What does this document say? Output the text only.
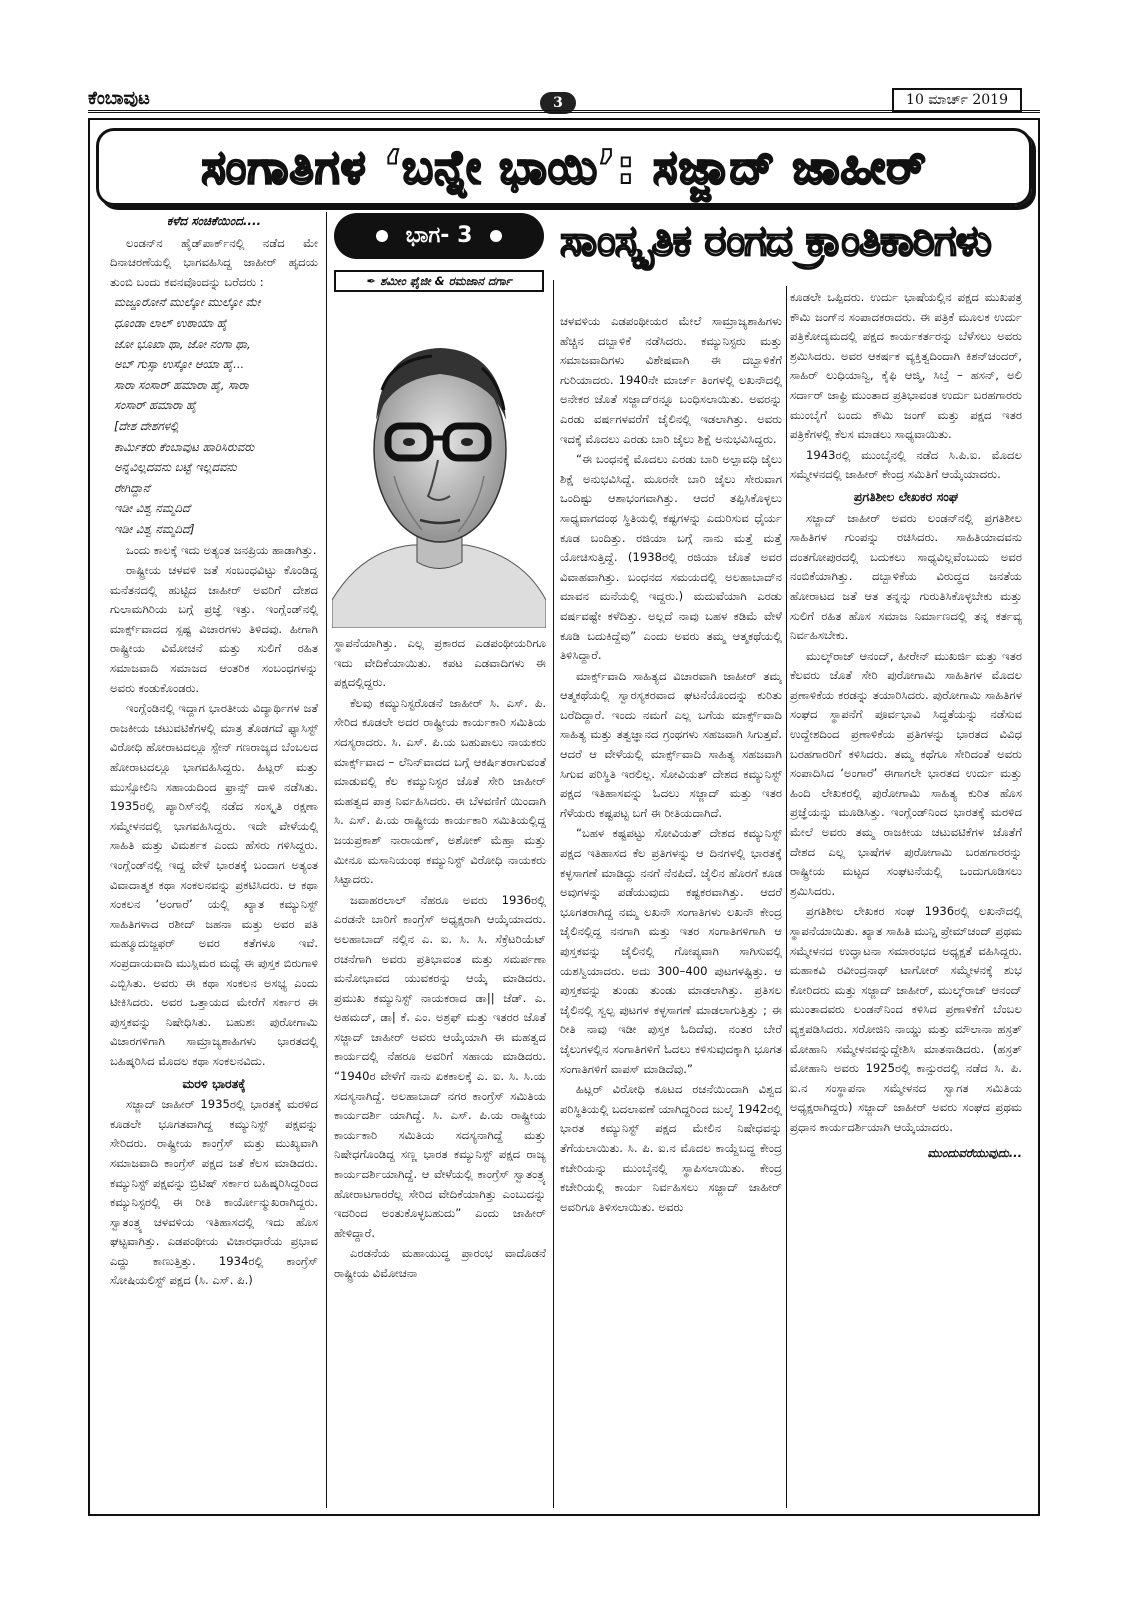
ಕೆಂಬಾವುಟ	3	10 ಮಾರ್ಚ್ 2019
ಸಂಗಾತಿಗಳ ‘ಬನ್ನೇ ಭಾಯಿ’: ಸಜ್ಜಾದ್ ಜಾಹೀರ್
ಕಳೆದ ಸಂಚಿಕೆಯಿಂದ....

ಲಂಡನ್‌ನ ಹೈಡ್‌ಪಾರ್ಕ್‌ನಲ್ಲಿ ನಡೆದ ಮೇ ದಿನಾಚರಣೆಯಲ್ಲಿ ಭಾಗವಹಿಸಿದ್ದ ಜಾಹೀರ್ ಹೃದಯ ತುಂಬಿ ಬಂದು ಕವನವೊಂದನ್ನು ಬರೆದರು :

ಮಜ್ದೂರೋನೆ ಮುಲ್ಕೋ ಮುಲ್ಕೋ ಮೇ

ಧೂಂಡಾ ಲಾಲ್ ಉಠಾಯಾ ಹೈ

ಜೋ ಭೂಖಾ ಥಾ, ಜೋ ನಂಗಾ ಥಾ,

ಅಬ್ ಗುಸ್ಸಾ ಉಸ್ಕೋ ಆಯಾ ಹೈ...

ಸಾರಾ ಸಂಸಾರ್ ಹಮಾರಾ ಹೈ, ಸಾರಾ

ಸಂಸಾರ್ ಹಮಾರಾ ಹೈ

[ದೇಶ ದೇಶಗಳಲ್ಲಿ

ಕಾರ್ಮಿಕರು ಕೆಂಬಾವುಟ ಹಾರಿಸಿರುವರು

ಅನ್ನವಿಲ್ಲದವನು ಬಟ್ಟೆ ಇಲ್ಲದವನು

ರೇಗಿದ್ದಾನೆ

ಇಡೀ ವಿಶ್ವ ನಮ್ಮದಿದೆ

ಇಡೀ ವಿಶ್ವ ನಮ್ಮದಿದೆ]

ಒಂದು ಕಾಲಕ್ಕೆ ಇದು ಅತ್ಯಂತ ಜನಪ್ರಿಯ ಹಾಡಾಗಿತ್ತು.

ರಾಷ್ಟ್ರೀಯ ಚಳವಳಿ ಜತೆ ಸಂಬಂಧವಿಟ್ಟು ಕೊಂಡಿದ್ದ ಮನೆತನದಲ್ಲಿ ಹುಟ್ಟಿದ ಜಾಹೀರ್ ಅವರಿಗೆ ದೇಶದ ಗುಲಾಮಗಿರಿಯ ಬಗ್ಗೆ ಪ್ರಜ್ಞೆ ಇತ್ತು. ಇಂಗ್ಲೆಂಡ್‌ನಲ್ಲಿ ಮಾರ್ಕ್ಸ್‌ವಾದದ ಸ್ಪಷ್ಟ ವಿಚಾರಗಳು ತಿಳಿದವು. ಹೀಗಾಗಿ ರಾಷ್ಟ್ರೀಯ ವಿಮೋಚನೆ ಮತ್ತು ಸುಲಿಗೆ ರಹಿತ ಸಮಾಜವಾದಿ ಸಮಾಜದ ಆಂತರಿಕ ಸಂಬಂಧಗಳನ್ನು ಅವರು ಕಂಡುಕೊಂಡರು.

ಇಂಗ್ಲೆಂಡಿನಲ್ಲಿ ಇದ್ದಾಗ ಭಾರತೀಯ ವಿದ್ಯಾರ್ಥಿಗಳ ಜತೆ ರಾಜಕೀಯ ಚಟುವಟಿಕೆಗಳಲ್ಲಿ ಮಾತ್ರ ತೊಡಗದೆ ಫ್ಯಾಸಿಸ್ಟ್ ವಿರೋಧಿ ಹೋರಾಟದಲ್ಲೂ ಸ್ಪೇನ್ ಗಣರಾಜ್ಯದ ಬೆಂಬಲದ ಹೋರಾಟದಲ್ಲೂ ಭಾಗವಹಿಸಿದ್ದರು. ಹಿಟ್ಲರ್ ಮತ್ತು ಮುಸ್ಸೋಲಿನಿ ಸಹಾಯದಿಂದ ಫ್ರಾನ್ಸ್ ದಾಳಿ ನಡೆಸಿತು. 1935ರಲ್ಲಿ ಪ್ಯಾರಿಸ್‌ನಲ್ಲಿ ನಡೆದ ಸಂಸ್ಕೃತಿ ರಕ್ಷಣಾ ಸಮ್ಮೇಳನದಲ್ಲಿ ಭಾಗವಹಿಸಿದ್ದರು. ಇದೇ ವೇಳೆಯಲ್ಲಿ ಸಾಹಿತಿ ಮತ್ತು ವಿಮರ್ಶಕ ಎಂದು ಹೆಸರು ಗಳಿಸಿದ್ದರು. ಇಂಗ್ಲೆಂಡ್‌ನಲ್ಲಿ ಇದ್ದ ವೇಳೆ ಭಾರತಕ್ಕೆ ಬಂದಾಗ ಅತ್ಯಂತ ವಿವಾದಾತ್ಮಕ ಕಥಾ ಸಂಕಲನವನ್ನು ಪ್ರಕಟಿಸಿದರು. ಆ ಕಥಾ ಸಂಕಲನ ‘ಅಂಗಾರೆ’ ಯಲ್ಲಿ ಖ್ಯಾತ ಕಮ್ಯುನಿಸ್ಟ್ ಸಾಹಿತಿಗಳಾದ ರಶೀದ್ ಜಹನಾ ಮತ್ತು ಅವರ ಪತಿ ಮಹ್ಮೂದುಜ್ಜಫರ್ ಅವರ ಕತೆಗಳೂ ಇವೆ. ಸಂಪ್ರದಾಯವಾದಿ ಮುಸ್ಲಿಮರ ಮಧ್ಯೆ ಈ ಪುಸ್ತಕ ಬಿರುಗಾಳಿ ಎಬ್ಬಿಸಿತು. ಅವರು ಈ ಕಥಾ ಸಂಕಲನ ಅಸಭ್ಯ ಎಂದು ಟೀಕಿಸಿದರು. ಅವರ ಒತ್ತಾಯದ ಮೇರೆಗೆ ಸರ್ಕಾರ ಈ ಪುಸ್ತಕವನ್ನು ನಿಷೇಧಿಸಿತು. ಬಹುಶಃ ಪುರೋಗಾಮಿ ವಿಚಾರಗಳಿಗಾಗಿ ಸಾಮ್ರಾಜ್ಯಶಾಹಿಗಳು ಭಾರತದಲ್ಲಿ ಬಹಿಷ್ಕರಿಸಿದ ಮೊದಲ ಕಥಾ ಸಂಕಲನವಿದು.

ಮರಳಿ ಭಾರತಕ್ಕೆ

ಸಜ್ಜಾದ್ ಜಾಹೀರ್ 1935ರಲ್ಲಿ ಭಾರತಕ್ಕೆ ಮರಳಿದ ಕೂಡಲೇ ಭೂಗತವಾಗಿದ್ದ ಕಮ್ಯುನಿಸ್ಟ್ ಪಕ್ಷವನ್ನು ಸೇರಿದರು. ರಾಷ್ಟ್ರೀಯ ಕಾಂಗ್ರೆಸ್ ಮತ್ತು ಮುಖ್ಯವಾಗಿ ಸಮಾಜವಾದಿ ಕಾಂಗ್ರೆಸ್ ಪಕ್ಷದ ಜತೆ ಕೆಲಸ ಮಾಡಿದರು. ಕಮ್ಯುನಿಸ್ಟ್ ಪಕ್ಷವನ್ನು ಬ್ರಿಟಿಷ್ ಸರ್ಕಾರ ಬಹಿಷ್ಕರಿಸಿದ್ದರಿಂದ ಕಮ್ಯುನಿಸ್ಟರಲ್ಲಿ ಈ ರೀತಿ ಕಾರ್ಯೋನ್ಮುಖರಾಗಿದ್ದರು. ಸ್ವಾತಂತ್ರ್ಯ ಚಳವಳಿಯ ಇತಿಹಾಸದಲ್ಲಿ ಇದು ಹೊಸ ಘಟ್ಟವಾಗಿತ್ತು. ಎಡಪಂಥೀಯ ವಿಚಾರಧಾರೆಯ ಪ್ರಭಾವ ಎದ್ದು ಕಾಣುತ್ತಿತ್ತು. 1934ರಲ್ಲಿ ಕಾಂಗ್ರೆಸ್ ಸೋಷಿಯಲಿಸ್ಟ್ ಪಕ್ಷದ (ಸಿ. ಎಸ್. ಪಿ.)

ಭಾಗ- 3
✒ ಶಮೀಂ ಫೈಜೀ & ರಮಜಾನ ದರ್ಗಾ
ಸಾಂಸ್ಕೃತಿಕ ರಂಗದ ಕ್ರಾಂತಿಕಾರಿಗಳು

ಸ್ಥಾಪನೆಯಾಗಿತ್ತು. ಎಲ್ಲ ಪ್ರಕಾರದ ಎಡಪಂಥೀಯರಿಗೂ ಇದು ವೇದಿಕೆಯಾಯಿತು. ಕಪಟ ಎಡವಾದಿಗಳು ಈ ಪಕ್ಷದಲ್ಲಿದ್ದರು.

ಕೆಲವು ಕಮ್ಯುನಿಸ್ಟರೊಡನೆ ಜಾಹೀರ್ ಸಿ. ಎಸ್. ಪಿ. ಸೇರಿದ ಕೂಡಲೇ ಅದರ ರಾಷ್ಟ್ರೀಯ ಕಾರ್ಯಕಾರಿ ಸಮಿತಿಯ ಸದಸ್ಯರಾದರು. ಸಿ. ಎಸ್. ಪಿ.ಯ ಬಹುಪಾಲು ನಾಯಕರು ಮಾರ್ಕ್ಸ್‌ವಾದ – ಲೆನಿನ್‌ವಾದದ ಬಗ್ಗೆ ಆಕರ್ಷಿತರಾಗುವಂತೆ ಮಾಡುವಲ್ಲಿ ಕೆಲ ಕಮ್ಯುನಿಸ್ಟರ ಜೊತೆ ಸೇರಿ ಜಾಹೀರ್ ಮಹತ್ವದ ಪಾತ್ರ ನಿರ್ವಹಿಸಿದರು. ಈ ಬೆಳವಣಿಗೆ ಯಿಂದಾಗಿ ಸಿ. ಎಸ್. ಪಿ.ಯ ರಾಷ್ಟ್ರೀಯ ಕಾರ್ಯಕಾರಿ ಸಮಿತಿಯಲ್ಲಿದ್ದ ಜಯಪ್ರಕಾಶ್ ನಾರಾಯಣ್, ಅಶೋಕ್ ಮೆಹ್ತಾ ಮತ್ತು ಮೀನೂ ಮಸಾನಿಯಂಥ ಕಮ್ಯುನಿಸ್ಟ್ ವಿರೋಧಿ ನಾಯಕರು ಸಿಟ್ಟಾದರು.

ಜವಾಹರಲಾಲ್ ನೆಹರೂ ಅವರು 1936ರಲ್ಲಿ ಎರಡನೇ ಬಾರಿಗೆ ಕಾಂಗ್ರೆಸ್ ಅಧ್ಯಕ್ಷರಾಗಿ ಆಯ್ಕೆಯಾದರು. ಅಲಹಾಬಾದ್ ನಲ್ಲಿನ ಎ. ಐ. ಸಿ. ಸಿ. ಸೆಕ್ರೆಟರಿಯೆಟ್ ರಚನೆಗಾಗಿ ಅವರು ಪ್ರತಿಭಾವಂತ ಮತ್ತು ಸಮರ್ಪಣಾ ಮನೋಭಾವದ ಯುವಕರನ್ನು ಆಯ್ಕೆ ಮಾಡಿದರು. ಪ್ರಮುಖ ಕಮ್ಯುನಿಸ್ಟ್ ನಾಯಕರಾದ ಡಾ|| ಜೆಡ್. ಎ. ಅಹಮದ್, ಡಾ| ಕೆ. ಎಂ. ಅಶ್ರಫ್ ಮತ್ತು ಇತರರ ಜೊತೆ ಸಜ್ಜಾದ್ ಜಾಹೀರ್ ಅವರು ಆಯ್ಕೆಯಾಗಿ ಈ ಮಹತ್ವದ ಕಾರ್ಯದಲ್ಲಿ ನೆಹರೂ ಅವರಿಗೆ ಸಹಾಯ ಮಾಡಿದರು. “1940ರ ವೇಳೆಗೆ ನಾನು ಏಕಕಾಲಕ್ಕೆ ಎ. ಐ. ಸಿ. ಸಿ.ಯ ಸದಸ್ಯನಾಗಿದ್ದೆ. ಅಲಹಾಬಾದ್ ನಗರ ಕಾಂಗ್ರೆಸ್ ಸಮಿತಿಯ ಕಾರ್ಯದರ್ಶಿ ಯಾಗಿದ್ದೆ. ಸಿ. ಎಸ್. ಪಿ.ಯ ರಾಷ್ಟ್ರೀಯ ಕಾರ್ಯಕಾರಿ ಸಮಿತಿಯ ಸದಸ್ಯನಾಗಿದ್ದೆ ಮತ್ತು ನಿಷೇಧಗೊಂಡಿದ್ದ ಸಣ್ಣ ಭಾರತ ಕಮ್ಯುನಿಸ್ಟ್ ಪಕ್ಷದ ರಾಜ್ಯ ಕಾರ್ಯದರ್ಶಿಯಾಗಿದ್ದೆ. ಆ ವೇಳೆಯಲ್ಲಿ ಕಾಂಗ್ರೆಸ್ ಸ್ವಾತಂತ್ರ್ಯ ಹೋರಾಟಗಾರರೆಲ್ಲ ಸೇರಿದ ವೇದಿಕೆಯಾಗಿತ್ತು ಎಂಬುದನ್ನು ಇದರಿಂದ ಅಂತುಕೊಳ್ಳಬಹುದು” ಎಂದು ಜಾಹೀರ್ ಹೇಳಿದ್ದಾರೆ.

ಎರಡನೆಯ ಮಹಾಯುದ್ಧ ಪ್ರಾರಂಭ ವಾದೊಡನೆ ರಾಷ್ಟ್ರೀಯ ವಿಮೋಚನಾ

ಚಳವಳಿಯ ಎಡಪಂಥೀಯರ ಮೇಲೆ ಸಾಮ್ರಾಜ್ಯಶಾಹಿಗಳು ಹೆಚ್ಚಿನ ದಬ್ಬಾಳಿಕೆ ನಡೆಸಿದರು. ಕಮ್ಯುನಿಸ್ಟರು ಮತ್ತು ಸಮಾಜವಾದಿಗಳು ವಿಶೇಷವಾಗಿ ಈ ದಬ್ಬಾಳಿಕೆಗೆ ಗುರಿಯಾದರು. 1940ನೇ ಮಾರ್ಚ್ ತಿಂಗಳಲ್ಲಿ ಲಖನೌದಲ್ಲಿ ಅನೇಕರ ಜೊತೆ ಸಜ್ಜಾದ್‌ರನ್ನೂ ಬಂಧಿಸಲಾಯಿತು. ಅವರನ್ನು ಎರಡು ವರ್ಷಗಳವರೆಗೆ ಜೈಲಿನಲ್ಲಿ ಇಡಲಾಗಿತ್ತು. ಅವರು ಇದಕ್ಕೆ ಮೊದಲು ಎರಡು ಬಾರಿ ಜೈಲು ಶಿಕ್ಷೆ ಅನುಭವಿಸಿದ್ದರು.

“ಈ ಬಂಧನಕ್ಕೆ ಮೊದಲು ಎರಡು ಬಾರಿ ಅಲ್ಪಾವಧಿ ಜೈಲು ಶಿಕ್ಷೆ ಅನುಭವಿಸಿದ್ದೆ. ಮೂರನೇ ಬಾರಿ ಜೈಲು ಸೇರುವಾಗ ಒಂದಿಷ್ಟು ಆಶಾಭಂಗವಾಗಿತ್ತು. ಆದರೆ ತಪ್ಪಿಸಿಕೊಳ್ಳಲು ಸಾಧ್ಯವಾಗದಂಥ ಸ್ಥಿತಿಯಲ್ಲಿ ಕಷ್ಟಗಳನ್ನು ಎದುರಿಸುವ ಧೈರ್ಯ ಕೂಡ ಬಂದಿತ್ತು. ರಜಿಯಾ ಬಗ್ಗೆ ನಾನು ಮತ್ತೆ ಮತ್ತೆ ಯೋಚಿಸುತ್ತಿದ್ದೆ. (1938ರಲ್ಲಿ ರಜಿಯಾ ಜೊತೆ ಅವರ ವಿವಾಹವಾಗಿತ್ತು. ಬಂಧನದ ಸಮಯದಲ್ಲಿ ಅಲಹಾಬಾದ್‌ನ ಮಾವನ ಮನೆಯಲ್ಲಿ ಇದ್ದರು.) ಮದುವೆಯಾಗಿ ಎರಡು ವರ್ಷವಷ್ಟೇ ಕಳೆದಿತ್ತು. ಅಲ್ಲದೆ ನಾವು ಬಹಳ ಕಡಿಮೆ ವೇಳೆ ಕೂಡಿ ಬದುಕಿದ್ದೆವು” ಎಂದು ಅವರು ತಮ್ಮ ಆತ್ಮಕಥೆಯಲ್ಲಿ ತಿಳಿಸಿದ್ದಾರೆ.

ಮಾರ್ಕ್ಸ್‌ವಾದಿ ಸಾಹಿತ್ಯದ ವಿಚಾರವಾಗಿ ಜಾಹೀರ್ ತಮ್ಮ ಆತ್ಮಕಥೆಯಲ್ಲಿ ಸ್ವಾರಸ್ಯಕರವಾದ ಘಟನೆಯೊಂದನ್ನು ಕುರಿತು ಬರೆದಿದ್ದಾರೆ. ಇಂದು ನಮಗೆ ಎಲ್ಲ ಬಗೆಯ ಮಾರ್ಕ್ಸ್‌ವಾದಿ ಸಾಹಿತ್ಯ ಮತ್ತು ತತ್ವಜ್ಞಾನದ ಗ್ರಂಥಗಳು ಸಹಜವಾಗಿ ಸಿಗುತ್ತವೆ. ಆದರೆ ಆ ವೇಳೆಯಲ್ಲಿ ಮಾರ್ಕ್ಸ್‌ವಾದಿ ಸಾಹಿತ್ಯ ಸಹಜವಾಗಿ ಸಿಗುವ ಪರಿಸ್ಥಿತಿ ಇರಲಿಲ್ಲ. ಸೋವಿಯತ್ ದೇಶದ ಕಮ್ಯುನಿಸ್ಟ್ ಪಕ್ಷದ ಇತಿಹಾಸವನ್ನು ಓದಲು ಸಜ್ಜಾದ್ ಮತ್ತು ಇತರ ಗೆಳೆಯರು ಕಷ್ಟಪಟ್ಟ ಬಗೆ ಈ ರೀತಿಯದಾಗಿದೆ.

“ಬಹಳ ಕಷ್ಟಪಟ್ಟು ಸೋವಿಯತ್ ದೇಶದ ಕಮ್ಯುನಿಸ್ಟ್ ಪಕ್ಷದ ಇತಿಹಾಸದ ಕೆಲ ಪ್ರತಿಗಳನ್ನು ಆ ದಿನಗಳಲ್ಲಿ ಭಾರತಕ್ಕೆ ಕಳ್ಳಸಾಗಣೆ ಮಾಡಿದ್ದು ನನಗೆ ನೆನಪಿದೆ. ಜೈಲಿನ ಹೊರಗೆ ಕೂಡ ಅವುಗಳನ್ನು ಪಡೆಯುವುದು ಕಷ್ಟಕರವಾಗಿತ್ತು. ಆದರೆ ಭೂಗತರಾಗಿದ್ದ ನಮ್ಮ ಲಖನೌ ಸಂಗಾತಿಗಳು ಲಖನೌ ಕೇಂದ್ರ ಜೈಲಿನಲ್ಲಿದ್ದ ನನಗಾಗಿ ಮತ್ತು ಇತರ ಸಂಗಾತಿಗಳಿಗಾಗಿ ಆ ಪುಸ್ತಕವನ್ನು ಜೈಲಿನಲ್ಲಿ ಗೋಪ್ಯವಾಗಿ ಸಾಗಿಸುವಲ್ಲಿ ಯಶಸ್ವಿಯಾದರು. ಅದು 300–400 ಪುಟಗಳಷ್ಟಿತ್ತು. ಆ ಪುಸ್ತಕವನ್ನು ತುಂಡು ತುಂಡು ಮಾಡಲಾಗಿತ್ತು. ಪ್ರತಿಸಲ ಜೈಲಿನಲ್ಲಿ ಸ್ವಲ್ಪ ಪುಟಗಳ ಕಳ್ಳಸಾಗಣೆ ಮಾಡಲಾಗುತ್ತಿತ್ತು ; ಈ ರೀತಿ ನಾವು ಇಡೀ ಪುಸ್ತಕ ಓದಿದೆವು. ನಂತರ ಬೇರೆ ಜೈಲುಗಳಲ್ಲಿನ ಸಂಗಾತಿಗಳಿಗೆ ಓದಲು ಕಳಿಸುವುದಕ್ಕಾಗಿ ಭೂಗತ ಸಂಗಾತಿಗಳಿಗೆ ವಾಪಸ್ ಮಾಡಿದೆವು.”

ಹಿಟ್ಲರ್ ವಿರೋಧಿ ಕೂಟದ ರಚನೆಯಿಂದಾಗಿ ವಿಶ್ವದ ಪರಿಸ್ಥಿತಿಯಲ್ಲಿ ಬದಲಾವಣೆ ಯಾಗಿದ್ದರಿಂದ ಜುಲೈ 1942ರಲ್ಲಿ ಭಾರತ ಕಮ್ಯುನಿಸ್ಟ್ ಪಕ್ಷದ ಮೇಲಿನ ನಿಷೇಧವನ್ನು ತೆಗೆಯಲಾಯಿತು. ಸಿ. ಪಿ. ಐ.ನ ಮೊದಲ ಕಾಯ್ದೆಬದ್ಧ ಕೇಂದ್ರ ಕಚೇರಿಯನ್ನು ಮುಂಬೈನಲ್ಲಿ ಸ್ಥಾಪಿಸಲಾಯಿತು. ಕೇಂದ್ರ ಕಚೇರಿಯಲ್ಲಿ ಕಾರ್ಯ ನಿರ್ವಹಿಸಲು ಸಜ್ಜಾದ್ ಜಾಹೀರ್ ಅವರಿಗೂ ತಿಳಿಸಲಾಯಿತು. ಅವರು

ಕೂಡಲೇ ಒಪ್ಪಿದರು. ಉರ್ದು ಭಾಷೆಯಲ್ಲಿನ ಪಕ್ಷದ ಮುಖಪತ್ರ ಕೌಮಿ ಜಂಗ್‌ನ ಸಂಪಾದಕರಾದರು. ಈ ಪತ್ರಿಕೆ ಮೂಲಕ ಉರ್ದು ಪತ್ರಿಕೋದ್ಯಮದಲ್ಲಿ ಪಕ್ಷದ ಕಾರ್ಯಕರ್ತರನ್ನು ಬೆಳೆಸಲು ಅವರು ಶ್ರಮಿಸಿದರು. ಅವರ ಆಕರ್ಷಕ ವ್ಯಕ್ತಿತ್ವದಿಂದಾಗಿ ಕಿಶನ್‌ಚಂದರ್, ಸಾಹಿರ್ ಲುಧಿಯಾನ್ವಿ, ಕೈಫಿ ಆಜ್ಮಿ, ಸಿಬ್ತೆ – ಹಸನ್, ಅಲಿ ಸರ್ದಾರ್ ಜಾಫ್ರಿ ಮುಂತಾದ ಪ್ರತಿಭಾವಂತ ಉರ್ದು ಬರಹಗಾರರು ಮುಂಬೈಗೆ ಬಂದು ಕೌಮಿ ಜಂಗ್ ಮತ್ತು ಪಕ್ಷದ ಇತರ ಪತ್ರಿಕೆಗಳಲ್ಲಿ ಕೆಲಸ ಮಾಡಲು ಸಾಧ್ಯವಾಯಿತು.

1943ರಲ್ಲಿ ಮುಂಬೈನಲ್ಲಿ ನಡೆದ ಸಿ.ಪಿ.ಐ. ಮೊದಲ ಸಮ್ಮೇಳನದಲ್ಲಿ ಜಾಹೀರ್ ಕೇಂದ್ರ ಸಮಿತಿಗೆ ಆಯ್ಕೆಯಾದರು.

ಪ್ರಗತಿಶೀಲ ಲೇಖಕರ ಸಂಘ

ಸಜ್ಜಾದ್ ಜಾಹೀರ್ ಅವರು ಲಂಡನ್‌ನಲ್ಲಿ ಪ್ರಗತಿಶೀಲ ಸಾಹಿತಿಗಳ ಗುಂಪನ್ನು ರಚಿಸಿದರು. ಸಾಹಿತಿಯಾದವನು ದಂತಗೋಪುರದಲ್ಲಿ ಬದುಕಲು ಸಾಧ್ಯವಿಲ್ಲವೆಂಬುದು ಅವರ ನಂಬಿಕೆಯಾಗಿತ್ತು. ದಬ್ಬಾಳಿಕೆಯ ವಿರುದ್ಧದ ಜನತೆಯ ಹೋರಾಟದ ಜತೆ ಆತ ತನ್ನನ್ನು ಗುರುತಿಸಿಕೊಳ್ಳಬೇಕು ಮತ್ತು ಸುಲಿಗೆ ರಹಿತ ಹೊಸ ಸಮಾಜ ನಿರ್ಮಾಣದಲ್ಲಿ ತನ್ನ ಕರ್ತವ್ಯ ನಿರ್ವಹಿಸಬೇಕು.

ಮುಲ್ಕ್‌ರಾಜ್ ಆನಂದ್, ಹೀರೇನ್ ಮುಖರ್ಜಿ ಮತ್ತು ಇತರ ಕೆಲವರು ಜೊತೆ ಸೇರಿ ಪುರೋಗಾಮಿ ಸಾಹಿತಿಗಳ ಮೊದಲ ಪ್ರಣಾಳಿಕೆಯ ಕರಡನ್ನು ತಯಾರಿಸಿದರು. ಪುರೋಗಾಮಿ ಸಾಹಿತಿಗಳ ಸಂಘದ ಸ್ಥಾಪನೆಗೆ ಪೂರ್ವಭಾವಿ ಸಿದ್ಧತೆಯನ್ನು ನಡೆಸುವ ಉದ್ದೇಶದಿಂದ ಪ್ರಣಾಳಿಕೆಯ ಪ್ರತಿಗಳನ್ನು ಭಾರತದ ವಿವಿಧ ಬರಹಗಾರರಿಗೆ ಕಳಿಸಿದರು. ತಮ್ಮ ಕಥೆಗೂ ಸೇರಿದಂತೆ ಅವರು ಸಂಪಾದಿಸಿದ ‘ಅಂಗಾರೆ’ ಈಗಾಗಲೇ ಭಾರತದ ಉರ್ದು ಮತ್ತು ಹಿಂದಿ ಲೇಖಕರಲ್ಲಿ ಪುರೋಗಾಮಿ ಸಾಹಿತ್ಯ ಕುರಿತ ಹೊಸ ಪ್ರಜ್ಞೆಯನ್ನು ಮೂಡಿಸಿತ್ತು. ಇಂಗ್ಲೆಂಡ್‌ನಿಂದ ಭಾರತಕ್ಕೆ ಮರಳಿದ ಮೇಲೆ ಅವರು ತಮ್ಮ ರಾಜಕೀಯ ಚಟುವಟಿಕೆಗಳ ಜೊತೆಗೆ ದೇಶದ ಎಲ್ಲ ಭಾಷೆಗಳ ಪುರೋಗಾಮಿ ಬರಹಗಾರರನ್ನು ರಾಷ್ಟ್ರೀಯ ಮಟ್ಟದ ಸಂಘಟನೆಯಲ್ಲಿ ಒಂದುಗೂಡಿಸಲು ಶ್ರಮಿಸಿದರು.

ಪ್ರಗತಿಶೀಲ ಲೇಖಕರ ಸಂಘ 1936ರಲ್ಲಿ ಲಖನೌದಲ್ಲಿ ಸ್ಥಾಪನೆಯಾಯಿತು. ಖ್ಯಾತ ಸಾಹಿತಿ ಮುನ್ಷಿ ಪ್ರೇಮ್‌ಚಂದ್ ಪ್ರಥಮ ಸಮ್ಮೇಳನದ ಉದ್ಘಾಟನಾ ಸಮಾರಂಭದ ಅಧ್ಯಕ್ಷತೆ ವಹಿಸಿದ್ದರು. ಮಹಾಕವಿ ರವೀಂದ್ರನಾಥ್ ಟಾಗೋರ್ ಸಮ್ಮೇಳನಕ್ಕೆ ಶುಭ ಕೋರಿದರು ಮತ್ತು ಸಜ್ಜಾದ್ ಜಾಹೀರ್, ಮುಲ್ಕ್‌ರಾಜ್ ಆನಂದ್ ಮುಂತಾದವರು ಲಂಡನ್‌ನಿಂದ ಕಳಿಸಿದ ಪ್ರಣಾಳಿಕೆಗೆ ಬೆಂಬಲ ವ್ಯಕ್ತಪಡಿಸಿದರು. ಸರೋಜಿನಿ ನಾಯ್ಡು ಮತ್ತು ಮೌಲಾನಾ ಹಸ್ರತ್ ಮೋಹಾನಿ ಸಮ್ಮೇಳನವನ್ನುದ್ದೇಶಿಸಿ ಮಾತನಾಡಿದರು. (ಹಸ್ರತ್ ಮೋಹಾನಿ ಅವರು 1925ರಲ್ಲಿ ಕಾನ್ಪುರದಲ್ಲಿ ನಡೆದ ಸಿ. ಪಿ. ಐ.ನ ಸಂಸ್ಥಾಪನಾ ಸಮ್ಮೇಳನದ ಸ್ವಾಗತ ಸಮಿತಿಯ ಅಧ್ಯಕ್ಷರಾಗಿದ್ದರು) ಸಜ್ಜಾದ್ ಜಾಹೀರ್ ಅವರು ಸಂಘದ ಪ್ರಥಮ ಪ್ರಧಾನ ಕಾರ್ಯದರ್ಶಿಯಾಗಿ ಆಯ್ಕೆಯಾದರು.

ಮುಂದುವರೆಯುವುದು...
